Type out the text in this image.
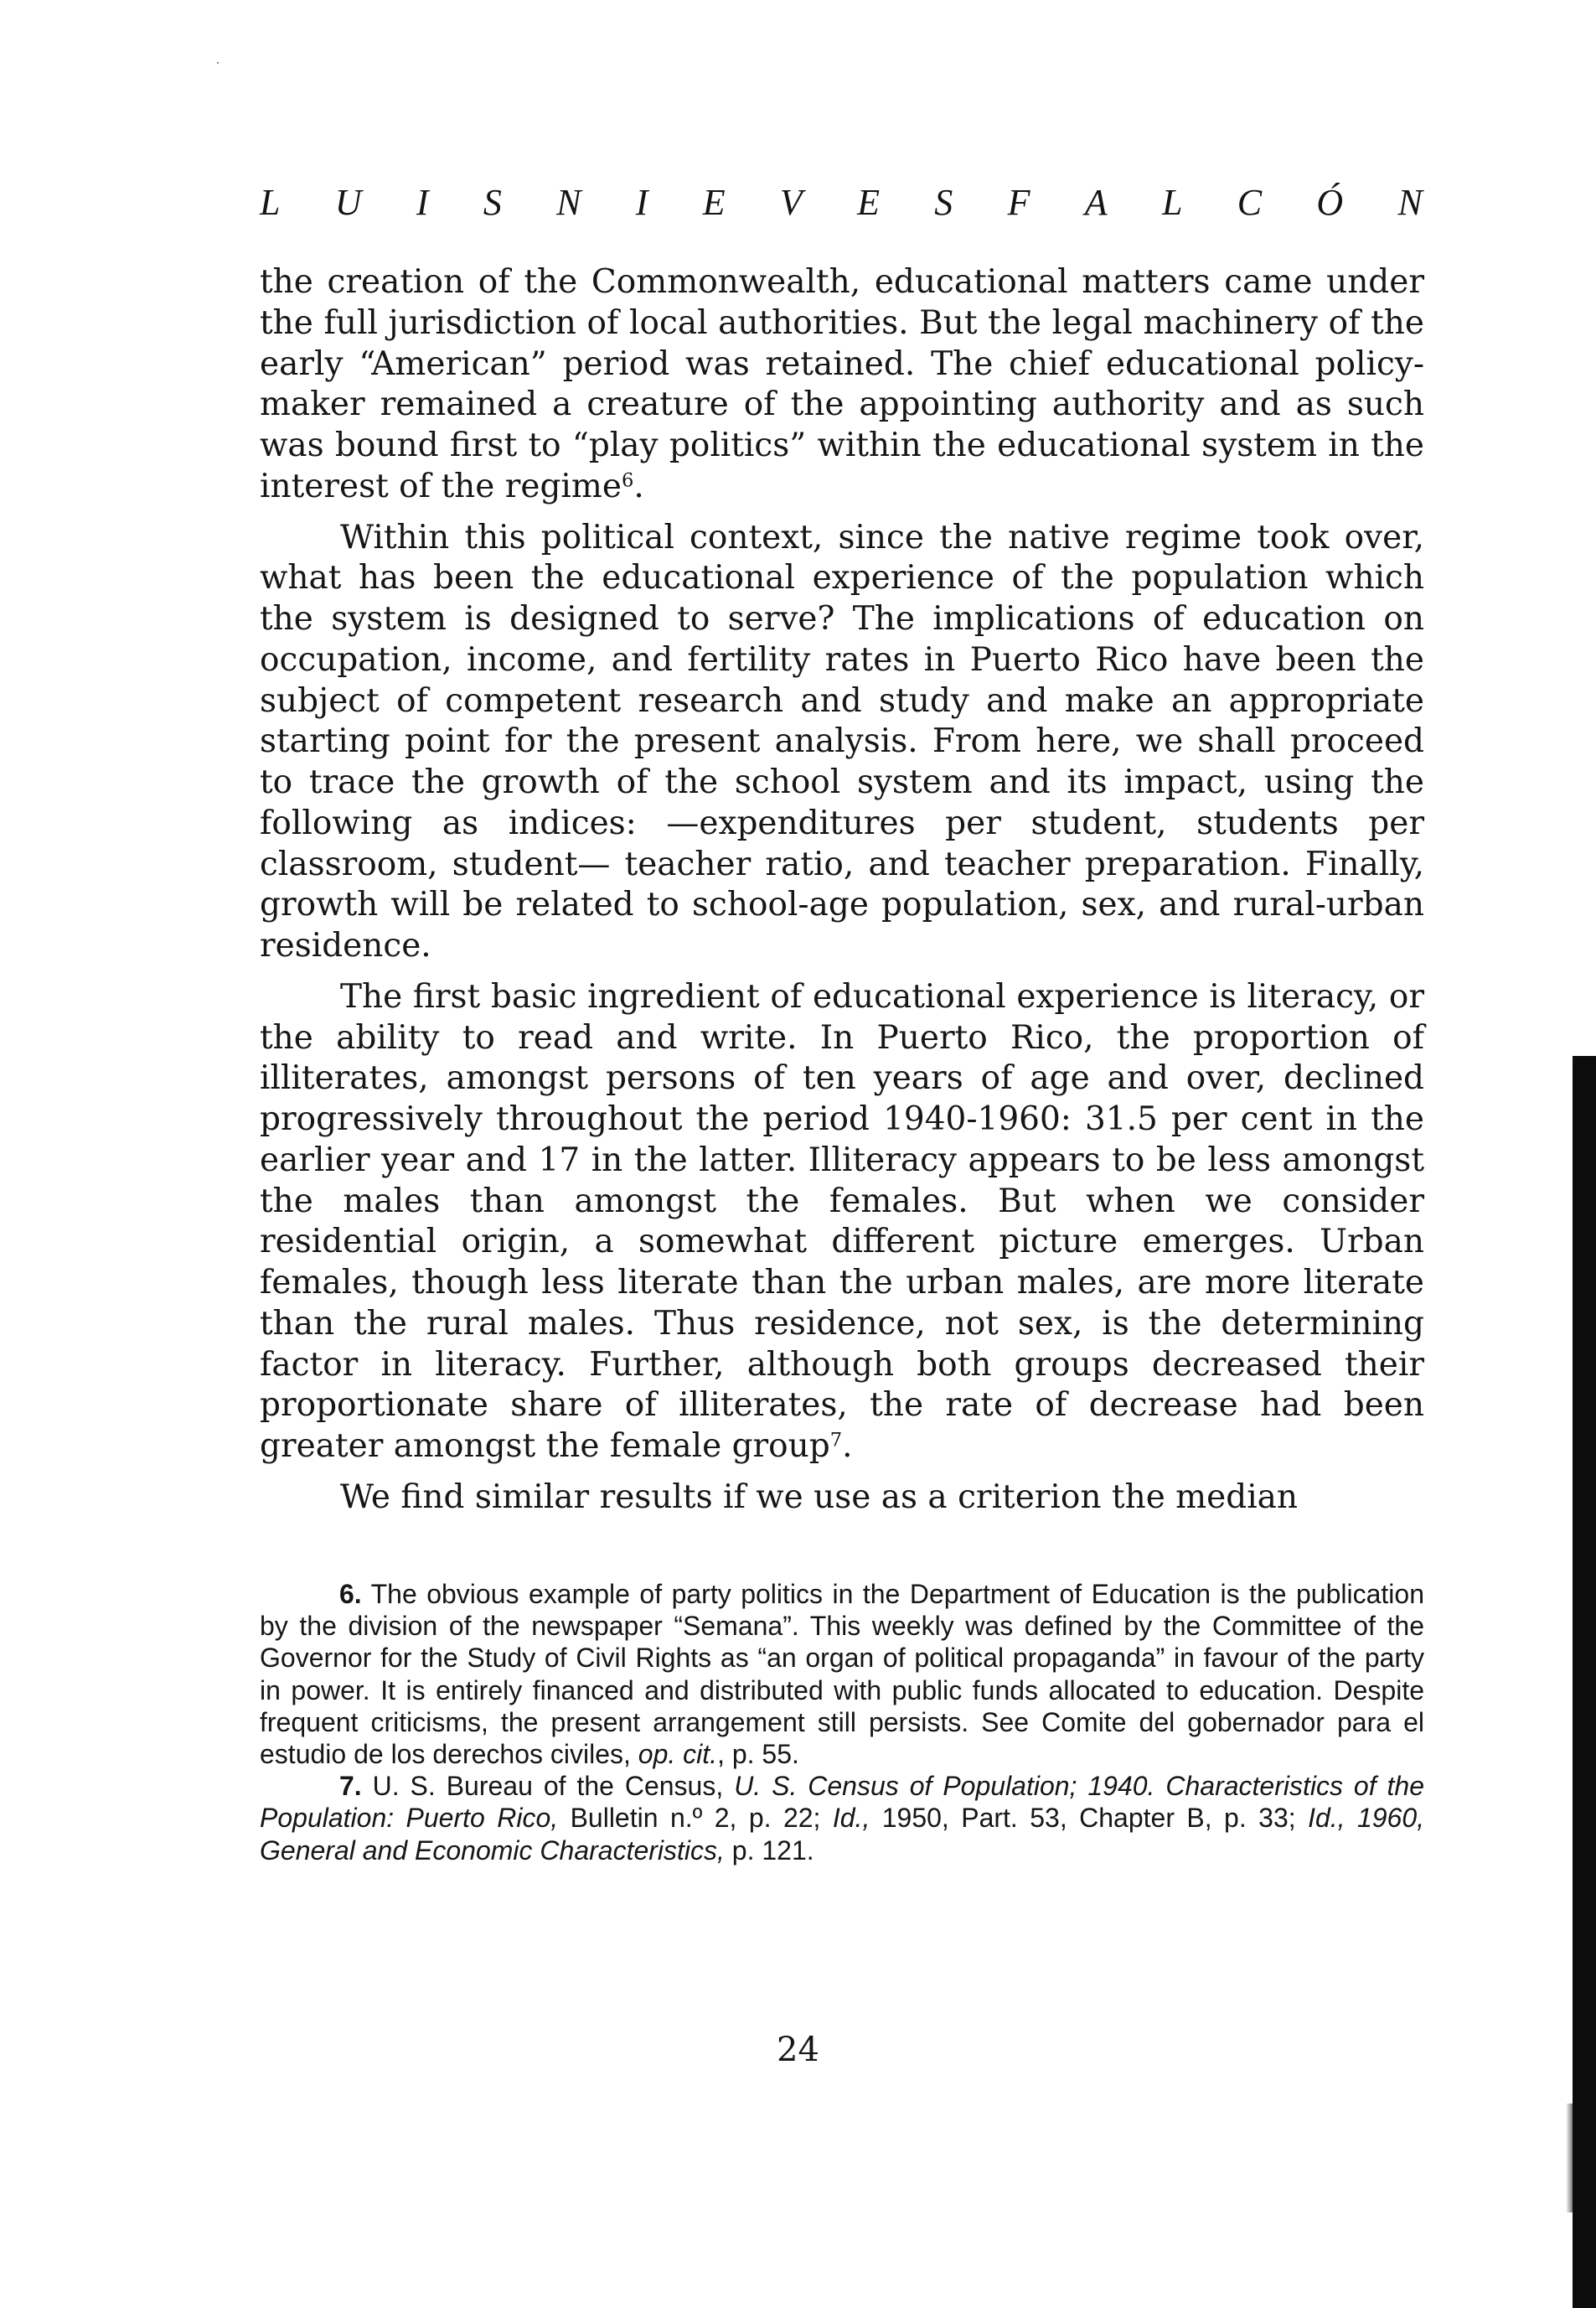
L U I S N I E V E S F A L C Ó N

the creation of the Commonwealth, educational matters came under the full jurisdiction of local authorities. But the legal machinery of the early “American” period was retained. The chief educational policy-maker remained a creature of the appointing authority and as such was bound first to “play politics” within the educational system in the interest of the regime$^6$.

Within this political context, since the native regime took over, what has been the educational experience of the population which the system is designed to serve? The implications of education on occupation, income, and fertility rates in Puerto Rico have been the subject of competent research and study and make an appropriate starting point for the present analysis. From here, we shall proceed to trace the growth of the school system and its impact, using the following as indices: —expenditures per student, students per classroom, student— teacher ratio, and teacher preparation. Finally, growth will be related to school-age population, sex, and rural-urban residence.

The first basic ingredient of educational experience is literacy, or the ability to read and write. In Puerto Rico, the proportion of illiterates, amongst persons of ten years of age and over, declined progressively throughout the period 1940-1960: 31.5 per cent in the earlier year and 17 in the latter. Illiteracy appears to be less amongst the males than amongst the females. But when we consider residential origin, a somewhat different picture emerges. Urban females, though less literate than the urban males, are more literate than the rural males. Thus residence, not sex, is the determining factor in literacy. Further, although both groups decreased their proportionate share of illiterates, the rate of decrease had been greater amongst the female group$^7$.

We find similar results if we use as a criterion the median

6. The obvious example of party politics in the Department of Education is the publication by the division of the newspaper “Semana”. This weekly was defined by the Committee of the Governor for the Study of Civil Rights as “an organ of political propaganda” in favour of the party in power. It is entirely financed and distributed with public funds allocated to education. Despite frequent criticisms, the present arrangement still persists. See Comite del gobernador para el estudio de los derechos civiles, op. cit., p. 55.

7. U. S. Bureau of the Census, U. S. Census of Population; 1940. Characteristics of the Population: Puerto Rico, Bulletin n.º 2, p. 22; Id., 1950, Part. 53, Chapter B, p. 33; Id., 1960, General and Economic Characteristics, p. 121.

24
